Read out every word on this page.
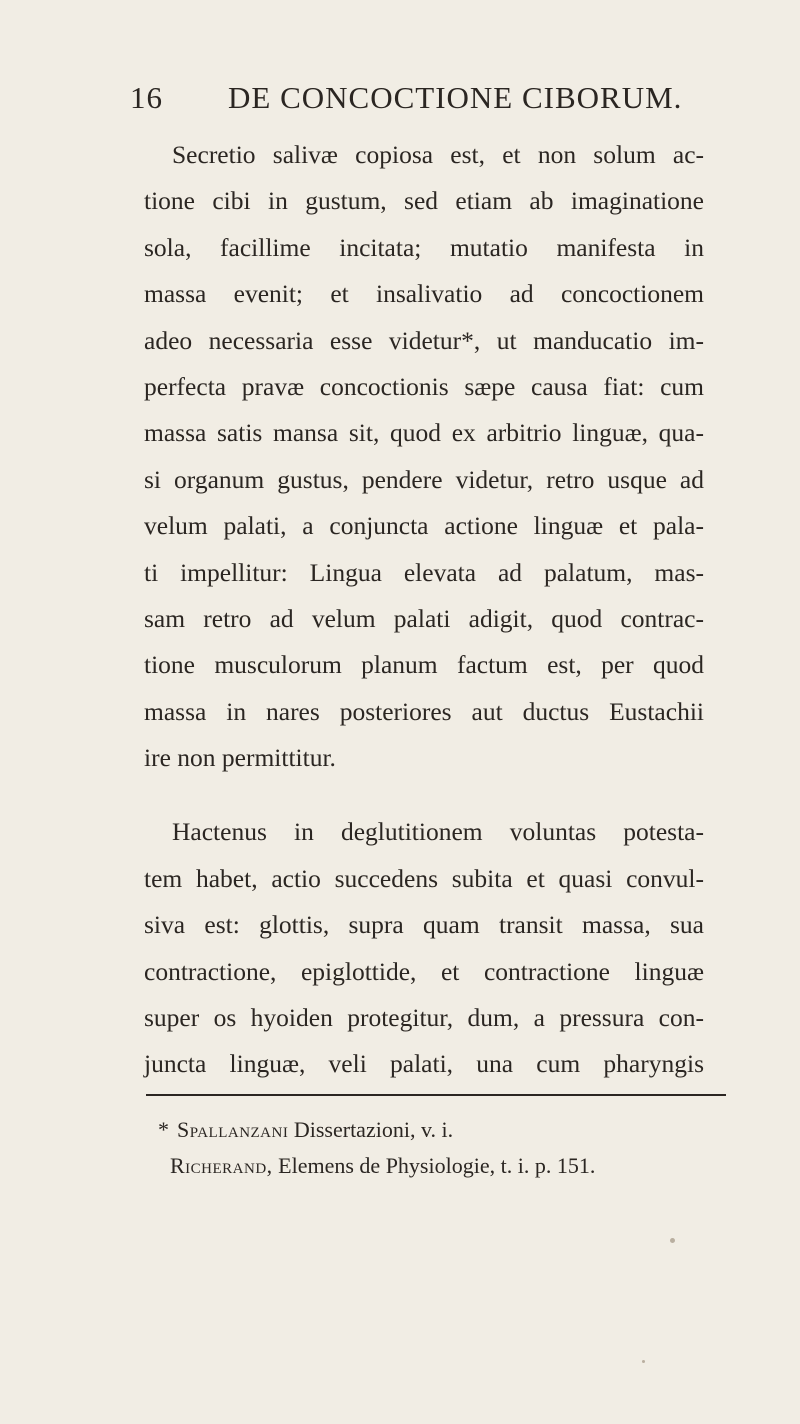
16 DE CONCOCTIONE CIBORUM.
Secretio salivæ copiosa est, et non solum ac-
tione cibi in gustum, sed etiam ab imaginatione
sola, facillime incitata; mutatio manifesta in
massa evenit; et insalivatio ad concoctionem
adeo necessaria esse videtur*, ut manducatio im-
perfecta pravæ concoctionis sæpe causa fiat: cum
massa satis mansa sit, quod ex arbitrio linguæ, qua-
si organum gustus, pendere videtur, retro usque ad
velum palati, a conjuncta actione linguæ et pala-
ti impellitur: Lingua elevata ad palatum, mas-
sam retro ad velum palati adigit, quod contrac-
tione musculorum planum factum est, per quod
massa in nares posteriores aut ductus Eustachii
ire non permittitur.
Hactenus in deglutitionem voluntas potesta-
tem habet, actio succedens subita et quasi convul-
siva est: glottis, supra quam transit massa, sua
contractione, epiglottide, et contractione linguæ
super os hyoiden protegitur, dum, a pressura con-
juncta linguæ, veli palati, una cum pharyngis
* Spallanzani Dissertazioni, v. i.
Richerand, Elemens de Physiologie, t. i. p. 151.
